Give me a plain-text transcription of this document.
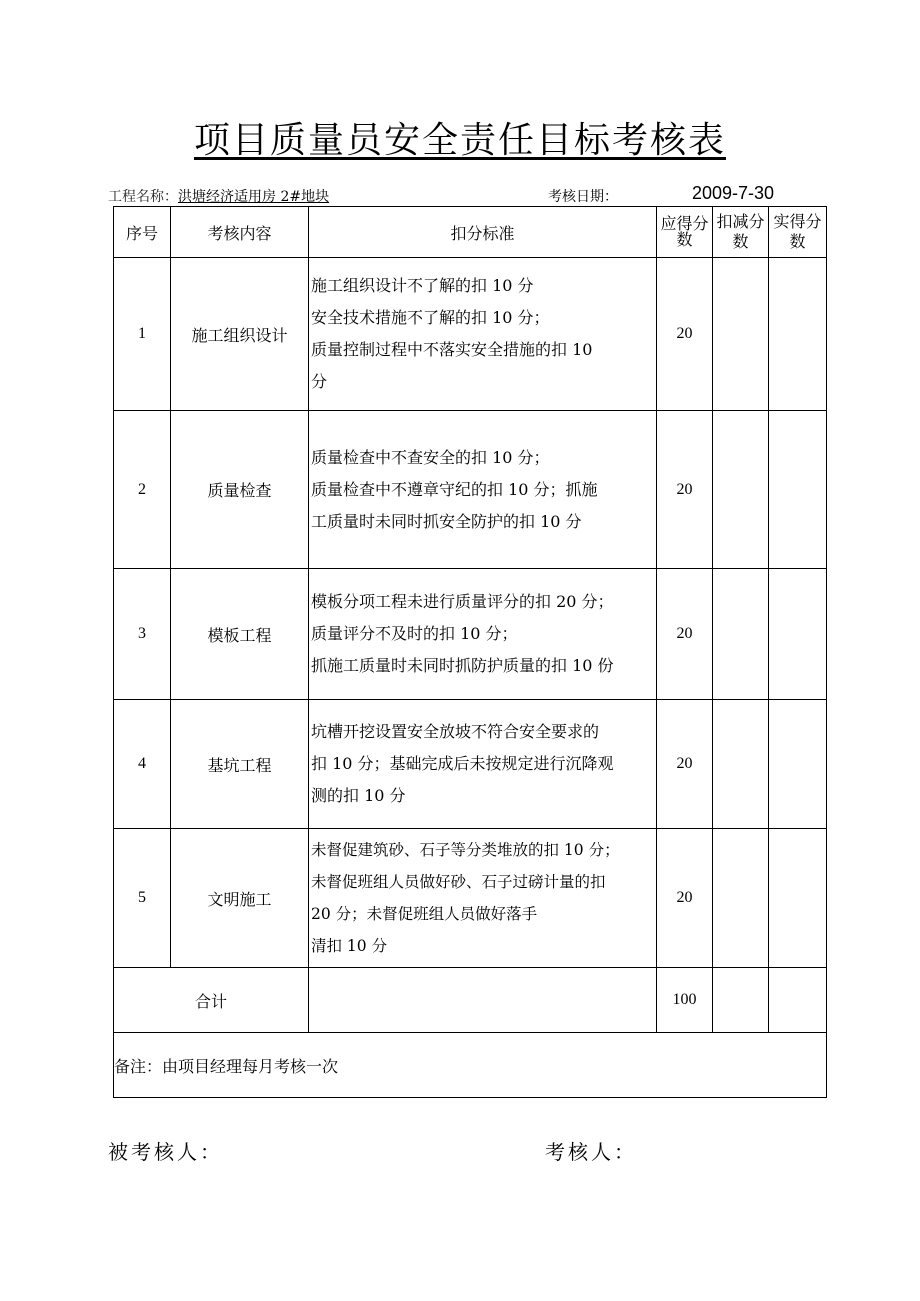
项目质量员安全责任目标考核表
工程名称：洪塘经济适用房 2#地块	考核日期：	2009-7-30
序号	考核内容	扣分标准	应得分数	扣减分数	实得分数
1	施工组织设计	施工组织设计不了解的扣 10 分
安全技术措施不了解的扣 10 分；
质量控制过程中不落实安全措施的扣 10
分	20		
2	质量检查	质量检查中不查安全的扣 10 分；
质量检查中不遵章守纪的扣 10 分；抓施
工质量时未同时抓安全防护的扣 10 分	20		
3	模板工程	模板分项工程未进行质量评分的扣 20 分；
质量评分不及时的扣 10 分；
抓施工质量时未同时抓防护质量的扣 10 份	20		
4	基坑工程	坑槽开挖设置安全放坡不符合安全要求的
扣 10 分；基础完成后未按规定进行沉降观
测的扣 10 分	20		
5	文明施工	未督促建筑砂、石子等分类堆放的扣 10 分；
未督促班组人员做好砂、石子过磅计量的扣
20 分；未督促班组人员做好落手
清扣 10 分	20		
合计			100		
备注：由项目经理每月考核一次					
被考核人：	考核人：
